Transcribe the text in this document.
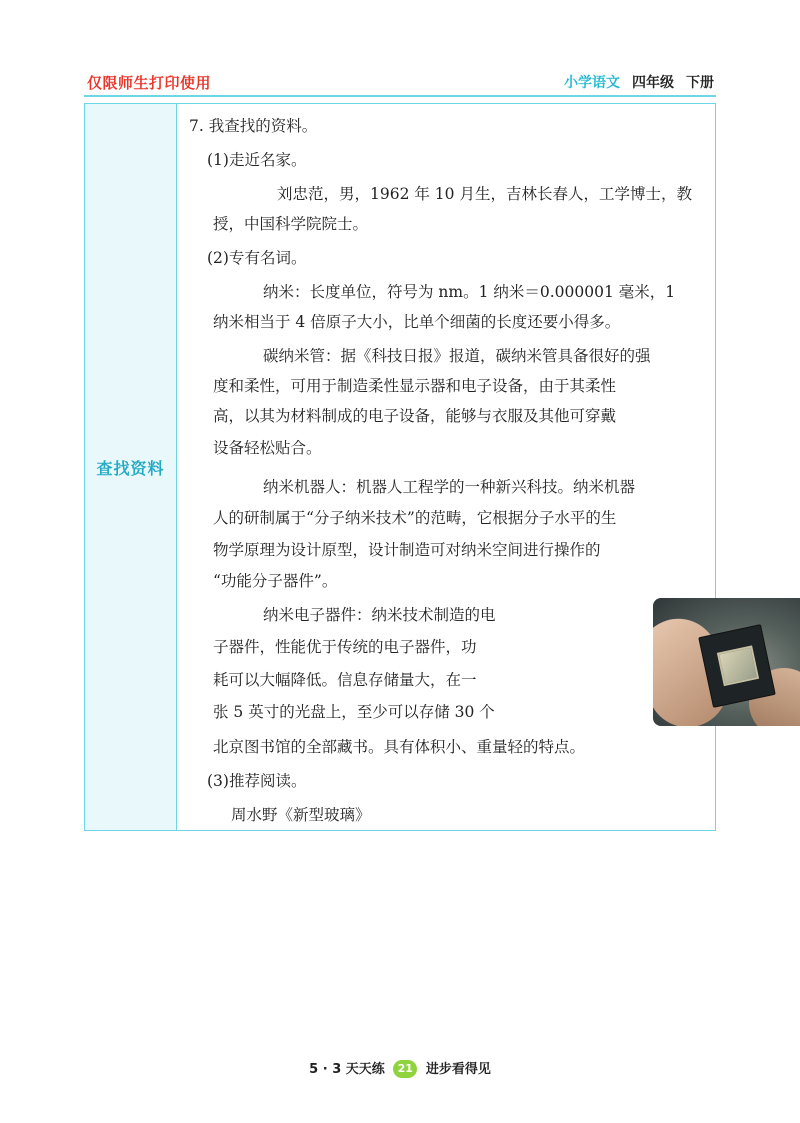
仅限师生打印使用	小学语文 四年级 下册
查找资料
7. 我查找的资料。
(1)走近名家。
刘忠范，男，1962 年 10 月生，吉林长春人，工学博士，教
授，中国科学院院士。
(2)专有名词。
纳米：长度单位，符号为 nm。1 纳米＝0.000001 毫米，1
纳米相当于 4 倍原子大小，比单个细菌的长度还要小得多。
碳纳米管：据《科技日报》报道，碳纳米管具备很好的强
度和柔性，可用于制造柔性显示器和电子设备，由于其柔性
高，以其为材料制成的电子设备，能够与衣服及其他可穿戴
设备轻松贴合。
纳米机器人：机器人工程学的一种新兴科技。纳米机器
人的研制属于“分子纳米技术”的范畴，它根据分子水平的生
物学原理为设计原型，设计制造可对纳米空间进行操作的
“功能分子器件”。
纳米电子器件：纳米技术制造的电
子器件，性能优于传统的电子器件，功
耗可以大幅降低。信息存储量大，在一
张 5 英寸的光盘上，至少可以存储 30 个
北京图书馆的全部藏书。具有体积小、重量轻的特点。
(3)推荐阅读。
周水野《新型玻璃》
5 · 3 天天练 21 进步看得见
